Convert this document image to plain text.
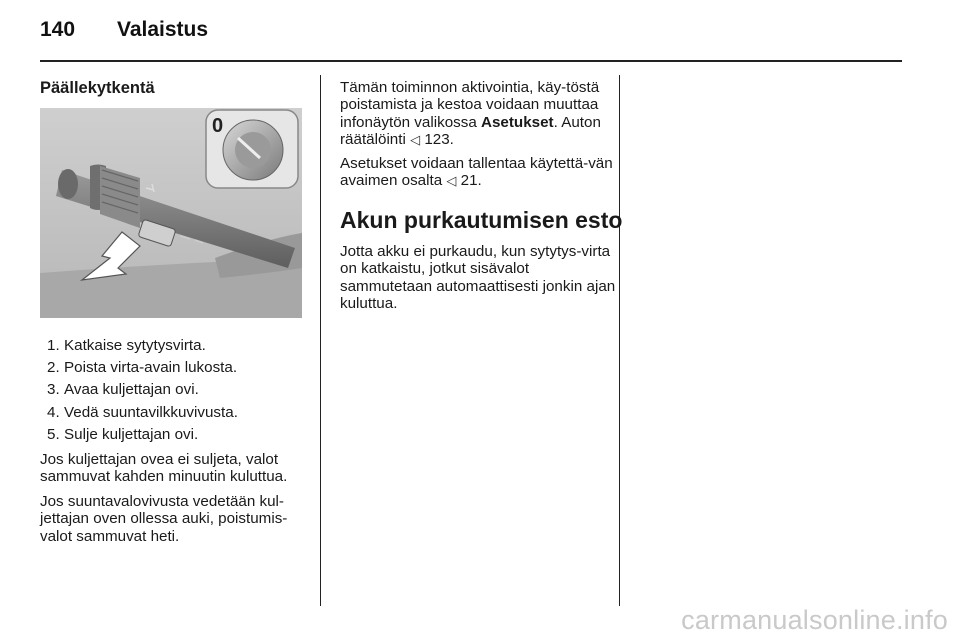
140 Valaistus
Päällekytkentä
0
1. Katkaise sytytysvirta.
2. Poista virta-avain lukosta.
3. Avaa kuljettajan ovi.
4. Vedä suuntavilkkuvivusta.
5. Sulje kuljettajan ovi.

Jos kuljettajan ovea ei suljeta, valot sammuvat kahden minuutin kuluttua.

Jos suuntavalovivusta vedetään kul-jettajan oven ollessa auki, poistumis-valot sammuvat heti.

Tämän toiminnon aktivointia, käy-töstä poistamista ja kestoa voidaan muuttaa infonäytön valikossa Asetukset. Auton räätälöinti ◁ 123.

Asetukset voidaan tallentaa käytettä-vän avaimen osalta ◁ 21.

Akun purkautumisen esto

Jotta akku ei purkaudu, kun sytytys-virta on katkaistu, jotkut sisävalot sammutetaan automaattisesti jonkin ajan kuluttua.

carmanualsonline.info
